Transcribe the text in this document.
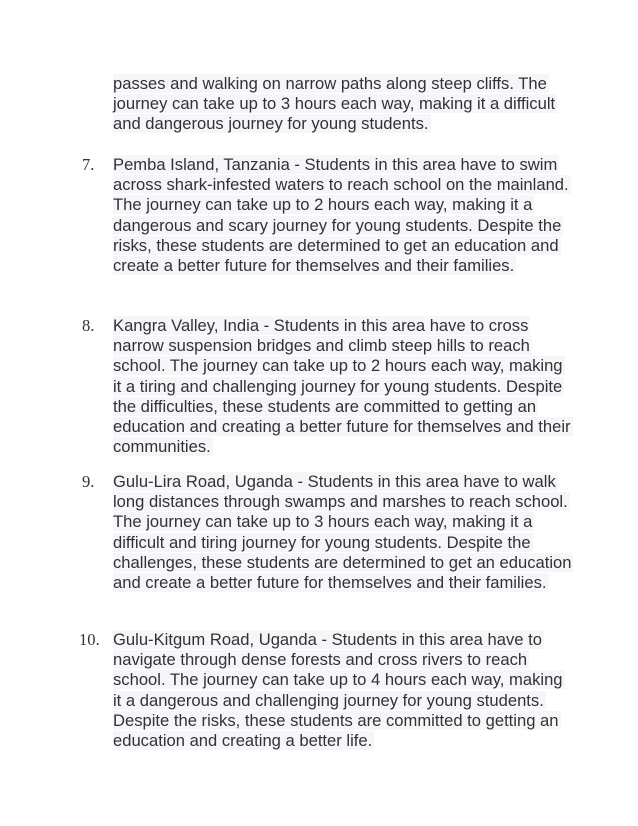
passes and walking on narrow paths along steep cliffs. The journey can take up to 3 hours each way, making it a difficult and dangerous journey for young students.
7. Pemba Island, Tanzania - Students in this area have to swim across shark-infested waters to reach school on the mainland. The journey can take up to 2 hours each way, making it a dangerous and scary journey for young students. Despite the risks, these students are determined to get an education and create a better future for themselves and their families.
8. Kangra Valley, India - Students in this area have to cross narrow suspension bridges and climb steep hills to reach school. The journey can take up to 2 hours each way, making it a tiring and challenging journey for young students. Despite the difficulties, these students are committed to getting an education and creating a better future for themselves and their communities.
9. Gulu-Lira Road, Uganda - Students in this area have to walk long distances through swamps and marshes to reach school. The journey can take up to 3 hours each way, making it a difficult and tiring journey for young students. Despite the challenges, these students are determined to get an education and create a better future for themselves and their families.
10. Gulu-Kitgum Road, Uganda - Students in this area have to navigate through dense forests and cross rivers to reach school. The journey can take up to 4 hours each way, making it a dangerous and challenging journey for young students. Despite the risks, these students are committed to getting an education and creating a better life.
